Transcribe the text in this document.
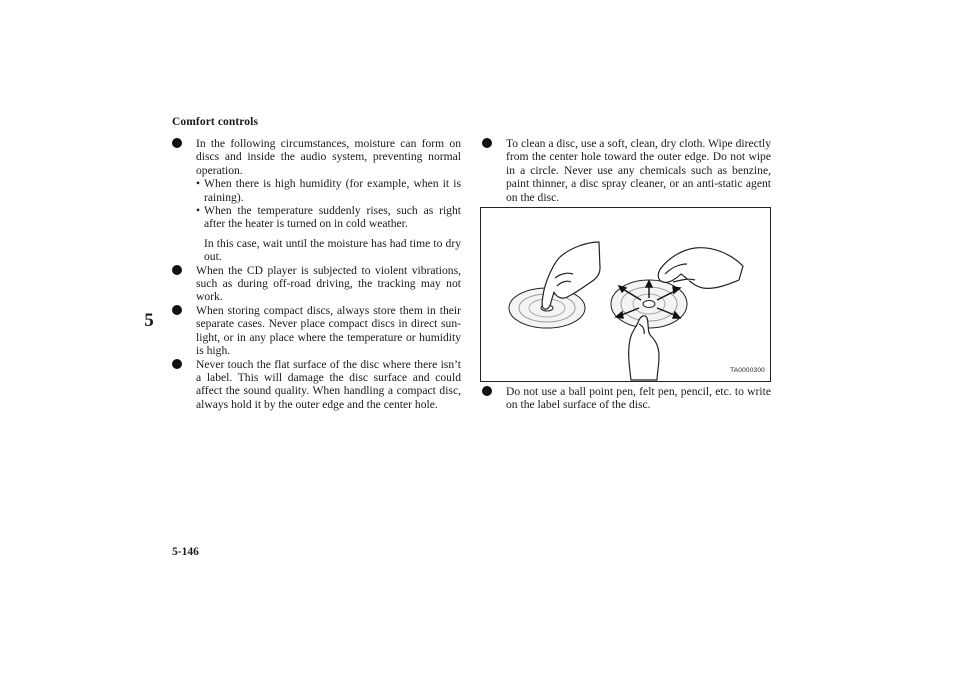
Comfort controls
5
5-146
In the following circumstances, moisture can form on discs and inside the audio system, preventing normal operation.
• When there is high humidity (for example, when it is raining).
• When the temperature suddenly rises, such as right after the heater is turned on in cold weather.
In this case, wait until the moisture has had time to dry out.
When the CD player is subjected to violent vibrations, such as during off-road driving, the tracking may not work.
When storing compact discs, always store them in their separate cases. Never place compact discs in direct sun-light, or in any place where the temperature or humidity is high.
Never touch the flat surface of the disc where there isn’t a label. This will damage the disc surface and could affect the sound quality. When handling a compact disc, always hold it by the outer edge and the center hole.
To clean a disc, use a soft, clean, dry cloth. Wipe directly from the center hole toward the outer edge. Do not wipe in a circle. Never use any chemicals such as benzine, paint thinner, a disc spray cleaner, or an anti-static agent on the disc.
TA0000300
Do not use a ball point pen, felt pen, pencil, etc. to write on the label surface of the disc.
